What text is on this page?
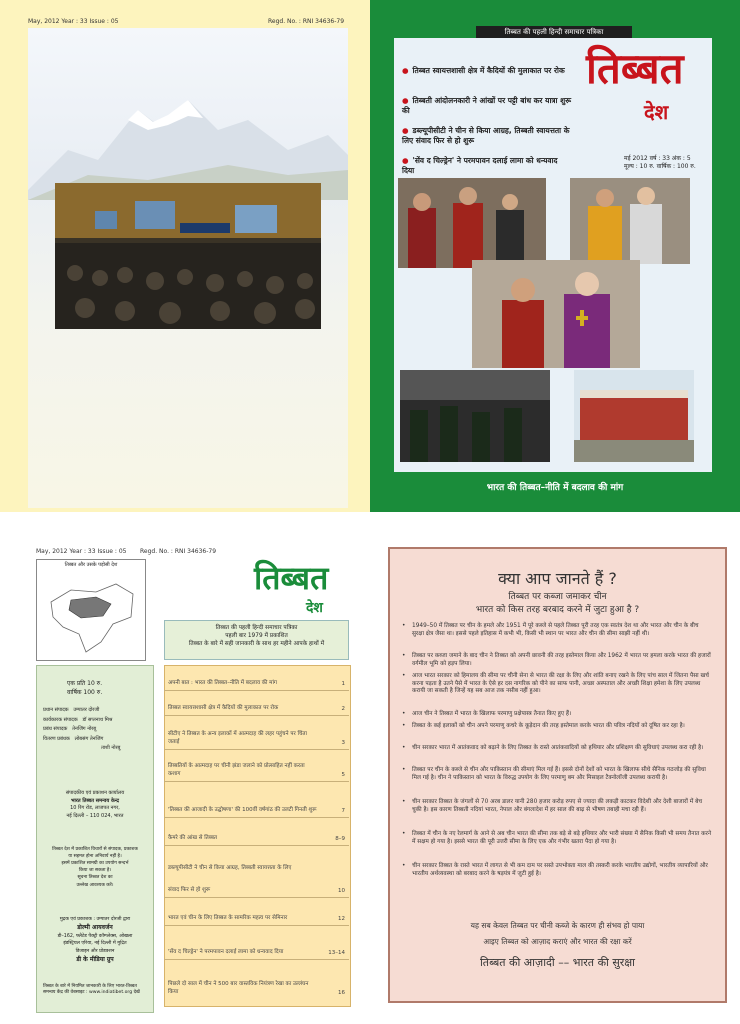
May, 2012 Year : 33 Issue : 05	Regd. No. : RNI 34636-79
तिब्बत की पहली हिन्दी समाचार पत्रिका
● तिब्बत स्वायत्तशासी क्षेत्र में कैदियों की मुलाकात पर रोक
● तिब्बती आंदोलनकारी ने आंखों पर पट्टी बांध कर यात्रा शुरू की
● डब्ल्यूपीसीटी ने चीन से किया आग्रह, तिब्बती स्वायत्तता के लिए संवाद फिर से हो शुरू
● 'सेंव द चिल्ड्रेन' ने परमपावन दलाई लामा को धन्यवाद दिया
तिब्बत
देश
मई 2012 वर्ष : 33 अंक : 5
मूल्य : 10 रु. वार्षिक : 100 रु.
भारत की तिब्बत–नीति में बदलाव की मांग
May, 2012 Year : 33 Issue : 05 Regd. No. : RNI 34636-79
तिब्बत और उसके पड़ोसी देश	तिब्बत
देश
तिब्बत की पहली हिन्दी समाचार पत्रिका
पहली बार 1979 में प्रकाशित
तिब्बत के बारे में सही जानकारी के साथ हर महीने आपके हाथों में
एक प्रति 10 रु.
वार्षिक 100 रु.
प्रधान संपादक उम्पातर दोरजी
कार्यकारक संपादक डॉ सप्तनाथ मिश्र
प्रबंध संपादक तेनजिंग नोरबू
वितरण प्रबंधक लोबसंग तेनजिंग
ताशी नोरबू
संपादकीय एवं प्रकाशन कार्यालय
भारत तिब्बत समन्वय केन्द्र
10 रिंग रोड, लाजपत नगर,
नई दिल्ली – 110 024, भारत
तिब्बत देश में प्रकाशित विचारों से संपादक, प्रकाशक
या सहमत होना अनिवार्य नहीं है।
इसमें प्रकाशित सामग्री का उपयोग सन्दर्भ
किया जा सकता है।
सूचना तिब्बत देश का
उल्लेख आवश्यक करें।
मुद्रक एवं प्रकाशक : उम्पातर दोरजी द्वारा
डोल्मी आयवर्जन
डी–162, फ्लैटेड पैक्ट्री कॉम्प्लेक्स, ओखला
इंडस्ट्रियल एरिया, नई दिल्ली में मुद्रित
डिजाइन और प्रोडक्शन
डी के मीडिया ग्रुप
तिब्बत के बारे में नियमित जानकारी के लिए भारत-तिब्बत समन्वय केंद्र की वेबसाइट : www.indiatibet.org देखें
अपनी बात : भारत की तिब्बत–नीति में बदलाव की मांग	1
तिब्बत स्वायत्तशासी क्षेत्र में कैदियों की मुलाकात पर रोक	2
सीटीए ने तिब्बत के अन्य इलाकों में आत्मदाह की लहर पहुंचने पर चिंता जताई	3
तिब्बतियों के आत्मदाह पर चीनी झंडा जलाने को प्रोत्साहित नहीं करता कशाग	5
'तिब्बत की आजादी के उद्घोषणा' की 100वीं वर्षगांठ की उलटी गिनती शुरू	7
कैमरे की आंख से तिब्बत	8–9
डब्ल्यूपीसीटी ने चीन से किया आग्रह, तिब्बती स्वायत्तता के लिए
संवाद फिर से हो शुरू	10
भारत एवं चीन के लिए तिब्बत के सामरिक महत्व पर सेमिनार	12
'सेंव द चिल्ड्रेन' ने परमपावन दलाई लामा को धन्यवाद दिया	13–14
पिछले दो साल में चीन ने 500 बार वास्तविक नियंत्रण रेखा का उल्लंघन किया	16
क्या आप जानते हैं ?
तिब्बत पर कब्जा जमाकर चीन
भारत को किस तरह बरबाद करने में जुटा हुआ है ?
• 1949–50 में तिब्बत पर चीन के हमले और 1951 में पूरे कब्जे से पहले तिब्बत पूरी तरह एक स्वतंत्र देश था और भारत और चीन के बीच सुरक्षा क्षेत्र जैसा था। इससे पहले इतिहास में कभी भी, किसी भी स्थान पर भारत और चीन की सीमा साझी नहीं थी।
• तिब्बत पर कब्जा जमाने के बाद चीन ने तिब्बत को अपनी छावनी की तरह इस्तेमाल किया और 1962 में भारत पर हमला करके भारत की हजारों वर्गमील भूमि को हड़प लिया।
• आज भारत सरकार को हिमालय की सीमा पर चीनी सेना से भारत की रक्षा के लिए और शांति बनाए रखने के लिए पांच साल में जितना पैसा खर्च करना पड़ता है उतने पैसे में भारत के ऐसे हर दस नागरिक को पीने का साफ पानी, अच्छा अस्पताल और अच्छी शिक्षा हमेशा के लिए उपलब्ध करायी जा सकती है जिन्हें यह सब आज तक नसीब नहीं हुआ।
• आज चीन ने तिब्बत में भारत के खिलाफ परमाणु प्रक्षेपास्त्र तैनात किए हुए हैं।
• तिब्बत के कई इलाकों को चीन अपने परमाणु कचरे के कूड़ेदान की तरह इस्तेमाल करके भारत की पवित्र नदियों को दूषित कर रहा है।
• चीन सरकार भारत में आतंकवाद को बढ़ाने के लिए तिब्बत के रास्ते आतंकवादियों को हथियार और प्रशिक्षण की सुविधाएं उपलब्ध करा रही है।
• तिब्बत पर चीन के कब्जे से चीन और पाकिस्तान की सीमाएं मिल गई हैं। इससे दोनों देशों को भारत के खिलाफ सीधे सैनिक गठजोड़ की सुविधा मिल गई है। चीन ने पाकिस्तान को भारत के विरुद्ध उपयोग के लिए परमाणु बम और मिसाइल टैक्नोलॉजी उपलब्ध करायी है।
• चीन सरकार तिब्बत के जंगलों से 70 अरब डालर यानी 280 हजार करोड़ रुपए से ज्यादा की लकड़ी काटकर विदेशी और देशी बाजारों में बेच चुकी है। इस कारण तिब्बती नदियां भारत, नेपाल और बंगलादेश में हर साल की बाढ़ से भीषण तबाही मचा रही हैं।
• तिब्बत में चीन के नए रेलमार्ग के आने से अब चीन भारत की सीमा तक बड़े से बड़े हथियार और भारी संख्या में सैनिक किसी भी समय तैनात करने में सक्षम हो गया है। इससे भारत की पूरी उत्तरी सीमा के लिए एक और गंभीर खतरा पैदा हो गया है।
• चीन सरकार तिब्बत के रास्ते भारत में लागत से भी कम दाम पर सस्ते उपभोक्ता माल की तस्करी करके भारतीय उद्योगों, भारतीय व्यापारियों और भारतीय अर्थव्यवस्था को बरबाद करने के षड़यंत्र में जुटी हुई है।
यह सब केवल तिब्बत पर चीनी कब्जे के कारण ही संभव हो पाया
आइए तिब्बत को आज़ाद कराएं और भारत की रक्षा करें
तिब्बत की आज़ादी –– भारत की सुरक्षा
